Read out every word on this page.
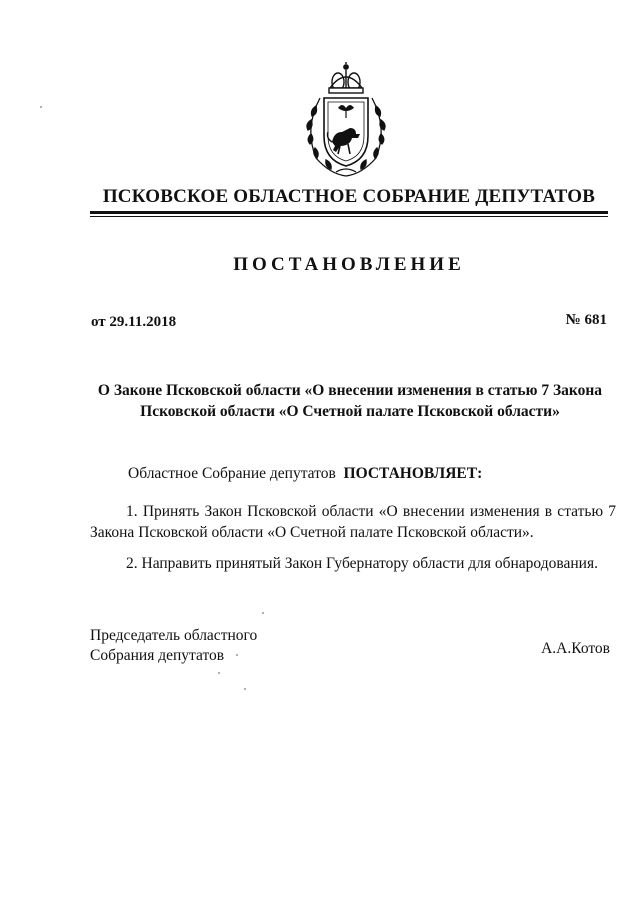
ПСКОВСКОЕ ОБЛАСТНОЕ СОБРАНИЕ ДЕПУТАТОВ
ПОСТАНОВЛЕНИЕ
от 29.11.2018	№ 681
О Законе Псковской области «О внесении изменения в статью 7 Закона
Псковской области «О Счетной палате Псковской области»
Областное Собрание депутатов ПОСТАНОВЛЯЕТ:
1. Принять Закон Псковской области «О внесении изменения в статью 7 Закона Псковской области «О Счетной палате Псковской области».
2. Направить принятый Закон Губернатору области для обнародования.
Председатель областного
Собрания депутатов	А.А.Котов
